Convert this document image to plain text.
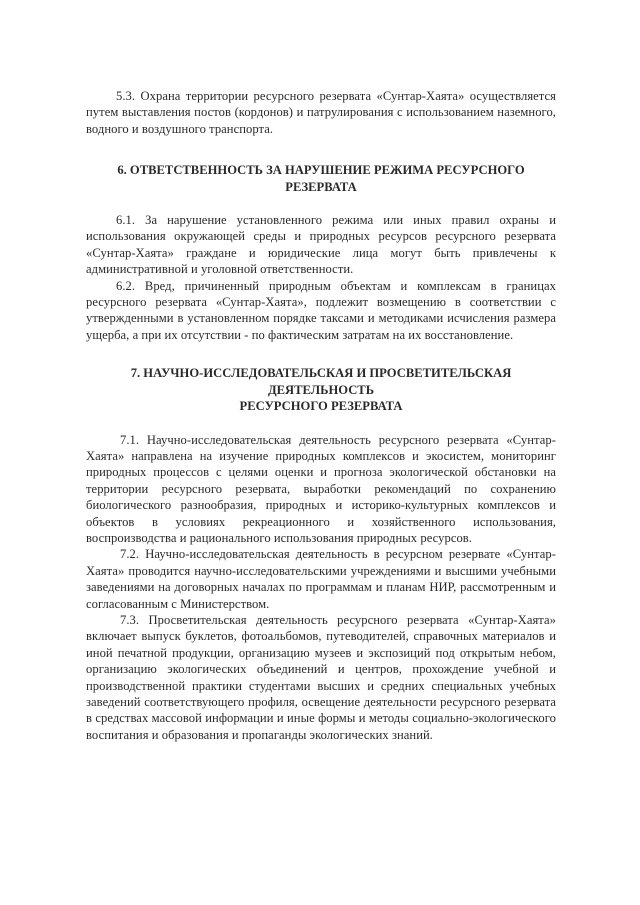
5.3. Охрана территории ресурсного резервата «Сунтар-Хаята» осуществляется путем выставления постов (кордонов) и патрулирования с использованием наземного, водного и воздушного транспорта.

6. ОТВЕТСТВЕННОСТЬ ЗА НАРУШЕНИЕ РЕЖИМА РЕСУРСНОГО
РЕЗЕРВАТА

6.1. За нарушение установленного режима или иных правил охраны и использования окружающей среды и природных ресурсов ресурсного резервата «Сунтар-Хаята» граждане и юридические лица могут быть привлечены к административной и уголовной ответственности.

6.2. Вред, причиненный природным объектам и комплексам в границах ресурсного резервата «Сунтар-Хаята», подлежит возмещению в соответствии с утвержденными в установленном порядке таксами и методиками исчисления размера ущерба, а при их отсутствии - по фактическим затратам на их восстановление.

7. НАУЧНО-ИССЛЕДОВАТЕЛЬСКАЯ И ПРОСВЕТИТЕЛЬСКАЯ
ДЕЯТЕЛЬНОСТЬ
РЕСУРСНОГО РЕЗЕРВАТА

7.1. Научно-исследовательская деятельность ресурсного резервата «Сунтар-Хаята» направлена на изучение природных комплексов и экосистем, мониторинг природных процессов с целями оценки и прогноза экологической обстановки на территории ресурсного резервата, выработки рекомендаций по сохранению биологического разнообразия, природных и историко-культурных комплексов и объектов в условиях рекреационного и хозяйственного использования, воспроизводства и рационального использования природных ресурсов.

7.2. Научно-исследовательская деятельность в ресурсном резервате «Сунтар-Хаята» проводится научно-исследовательскими учреждениями и высшими учебными заведениями на договорных началах по программам и планам НИР, рассмотренным и согласованным с Министерством.

7.3. Просветительская деятельность ресурсного резервата «Сунтар-Хаята» включает выпуск буклетов, фотоальбомов, путеводителей, справочных материалов и иной печатной продукции, организацию музеев и экспозиций под открытым небом, организацию экологических объединений и центров, прохождение учебной и производственной практики студентами высших и средних специальных учебных заведений соответствующего профиля, освещение деятельности ресурсного резервата в средствах массовой информации и иные формы и методы социально-экологического воспитания и образования и пропаганды экологических знаний.
